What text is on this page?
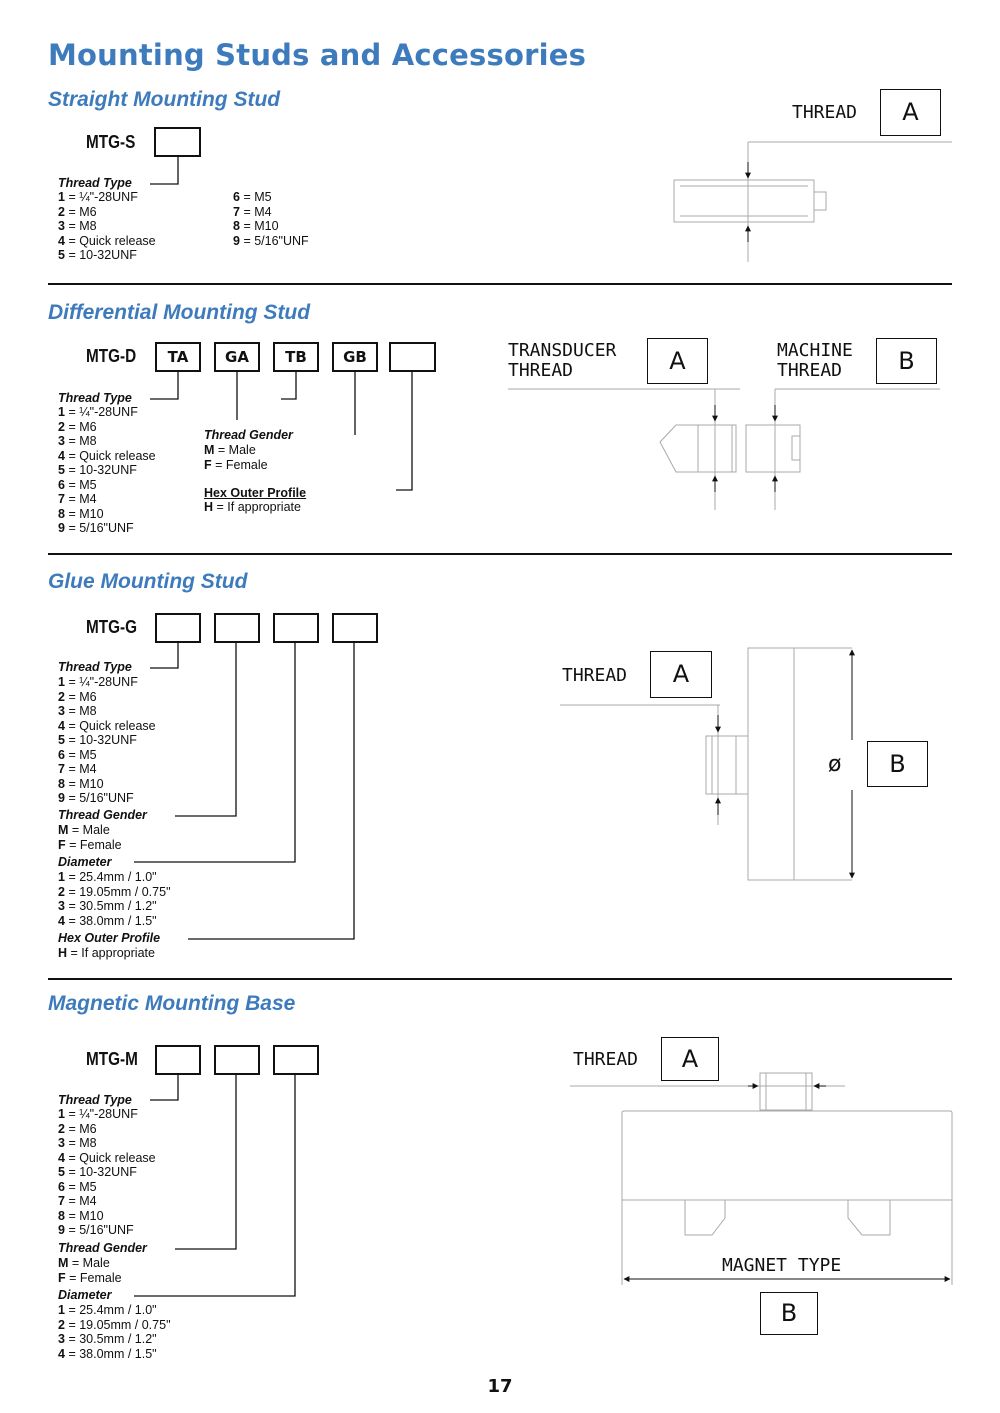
Mounting Studs and Accessories
Straight Mounting Stud
MTG-S
Thread Type
1 = ¼"-28UNF
2 = M6
3 = M8
4 = Quick release
5 = 10-32UNF
6 = M5
7 = M4
8 = M10
9 = 5/16"UNF
THREAD	A
Differential Mounting Stud
MTG-D	TA	GA	TB	GB
Thread Type
1 = ¼"-28UNF
2 = M6
3 = M8
4 = Quick release
5 = 10-32UNF
6 = M5
7 = M4
8 = M10
9 = 5/16"UNF
Thread Gender
M = Male
F = Female
Hex Outer Profile
H = If appropriate
TRANSDUCER
THREAD	A	MACHINE
THREAD	B
Glue Mounting Stud
MTG-G
Thread Type
1 = ¼"-28UNF
2 = M6
3 = M8
4 = Quick release
5 = 10-32UNF
6 = M5
7 = M4
8 = M10
9 = 5/16"UNF
Thread Gender
M = Male
F = Female
Diameter
1 = 25.4mm / 1.0"
2 = 19.05mm / 0.75"
3 = 30.5mm / 1.2"
4 = 38.0mm / 1.5"
Hex Outer Profile
H = If appropriate
THREAD	A
ø	B
Magnetic Mounting Base
MTG-M
Thread Type
1 = ¼"-28UNF
2 = M6
3 = M8
4 = Quick release
5 = 10-32UNF
6 = M5
7 = M4
8 = M10
9 = 5/16"UNF
Thread Gender
M = Male
F = Female
Diameter
1 = 25.4mm / 1.0"
2 = 19.05mm / 0.75"
3 = 30.5mm / 1.2"
4 = 38.0mm / 1.5"
THREAD	A
MAGNET TYPE
B
17
